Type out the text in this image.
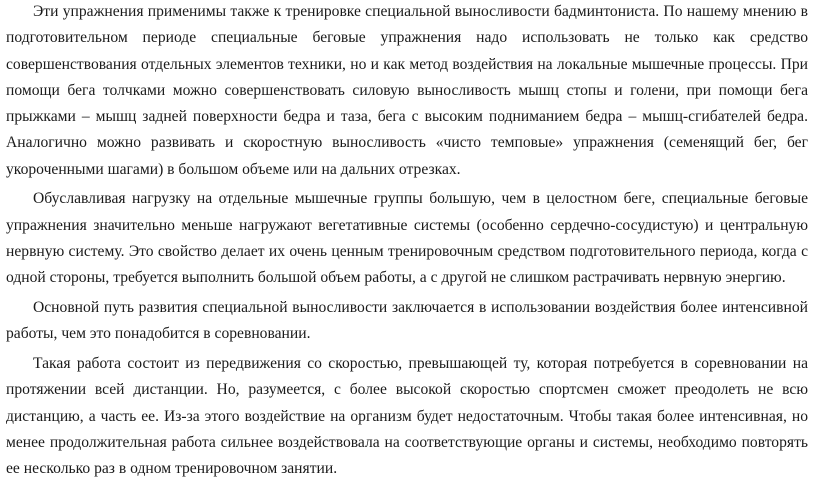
Эти упражнения применимы также к тренировке специальной выносливости бадминтониста. По нашему мнению в подготовительном периоде специальные беговые упражнения надо использовать не только как средство совершенствования отдельных элементов техники, но и как метод воздействия на локальные мышечные процессы. При помощи бега толчками можно совершенствовать силовую выносливость мышц стопы и голени, при помощи бега прыжками – мышц задней поверхности бедра и таза, бега с высоким подниманием бедра – мышц-сгибателей бедра. Аналогично можно развивать и скоростную выносливость «чисто темповые» упражнения (семенящий бег, бег укороченными шагами) в большом объеме или на дальних отрезках.

Обуславливая нагрузку на отдельные мышечные группы большую, чем в целостном беге, специальные беговые упражнения значительно меньше нагружают вегетативные системы (особенно сердечно-сосудистую) и центральную нервную систему. Это свойство делает их очень ценным тренировочным средством подготовительного периода, когда с одной стороны, требуется выполнить большой объем работы, а с другой не слишком растрачивать нервную энергию.

Основной путь развития специальной выносливости заключается в использовании воздействия более интенсивной работы, чем это понадобится в соревновании.

Такая работа состоит из передвижения со скоростью, превышающей ту, которая потребуется в соревновании на протяжении всей дистанции. Но, разумеется, с более высокой скоростью спортсмен сможет преодолеть не всю дистанцию, а часть ее. Из-за этого воздействие на организм будет недостаточным. Чтобы такая более интенсивная, но менее продолжительная работа сильнее воздействовала на соответствующие органы и системы, необходимо повторять ее несколько раз в одном тренировочном занятии.
